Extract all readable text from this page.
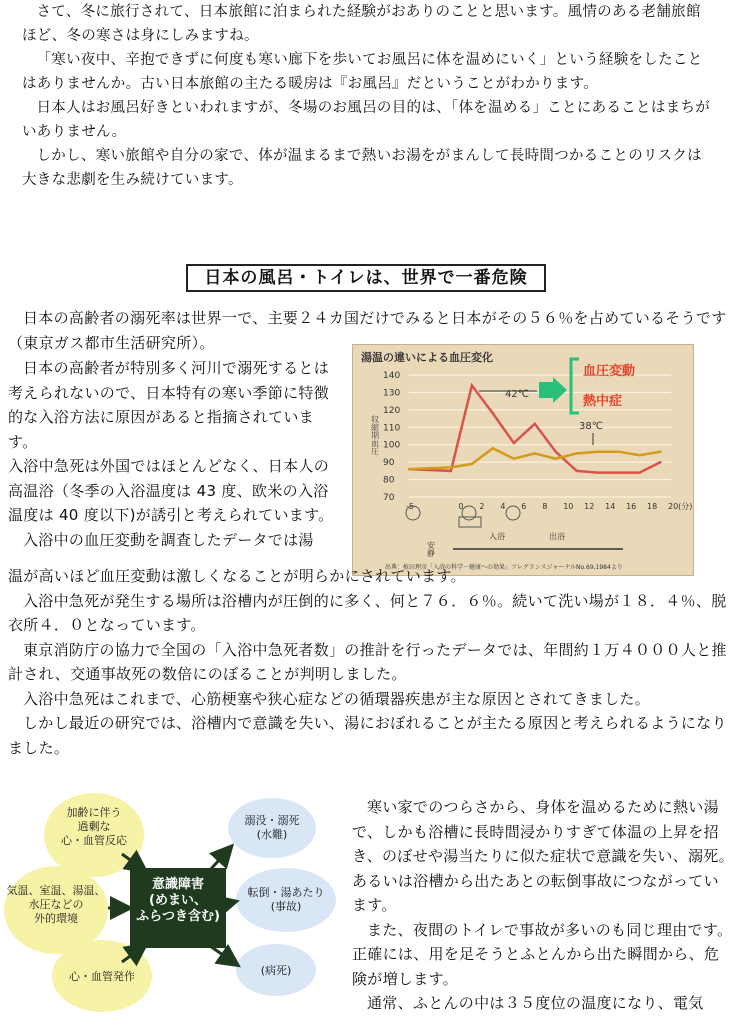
さて、冬に旅行されて、日本旅館に泊まられた経験がおありのことと思います。風情のある老舗旅館ほど、冬の寒さは身にしみますね。

「寒い夜中、辛抱できずに何度も寒い廊下を歩いてお風呂に体を温めにいく」という経験をしたことはありませんか。古い日本旅館の主たる暖房は『お風呂』だということがわかります。

日本人はお風呂好きといわれますが、冬場のお風呂の目的は、「体を温める」ことにあることはまちがいありません。

しかし、寒い旅館や自分の家で、体が温まるまで熱いお湯をがまんして長時間つかることのリスクは大きな悲劇を生み続けています。

日本の風呂・トイレは、世界で一番危険

日本の高齢者の溺死率は世界一で、主要２４カ国だけでみると日本がその５６％を占めているそうです（東京ガス都市生活研究所）。

日本の高齢者が特別多く河川で溺死するとは考えられないので、日本特有の寒い季節に特徴的な入浴方法に原因があると指摘されています。

入浴中急死は外国ではほとんどなく、日本人の高温浴（冬季の入浴温度は 43 度、欧米の入浴温度は 40 度以下)が誘引と考えられています。

入浴中の血圧変動を調査したデータでは湯

湯温の違いによる血圧変化
収縮期血圧
140
130
120
110
100
90
80
70
-5	0 2 4 6 8 10 12 14 16 18 20(分)
42℃
38℃
血圧変動
熱中症
安静
入浴	出浴
出典：植田理彦「入浴の科学－健康への効果」フレグランスジャーナルNo.69,1984より

温が高いほど血圧変動は激しくなることが明らかにされています。

入浴中急死が発生する場所は浴槽内が圧倒的に多く、何と７６．６％。続いて洗い場が１８．４％、脱衣所４．０となっています。

東京消防庁の協力で全国の「入浴中急死者数」の推計を行ったデータでは、年間約１万４０００人と推計され、交通事故死の数倍にのぼることが判明しました。

入浴中急死はこれまで、心筋梗塞や狭心症などの循環器疾患が主な原因とされてきました。

しかし最近の研究では、浴槽内で意識を失い、湯におぼれることが主たる原因と考えられるようになりました。

加齢に伴う過剰な心・血管反応
気温、室温、湯温、水圧などの外的環境
心・血管発作
溺没・溺死(水難)
転倒・湯あたり(事故)
(病死)
意識障害(めまい、ふらつき含む)

寒い家でのつらさから、身体を温めるために熱い湯で、しかも浴槽に長時間浸かりすぎて体温の上昇を招き、のぼせや湯当たりに似た症状で意識を失い、溺死。あるいは浴槽から出たあとの転倒事故につながっています。

また、夜間のトイレで事故が多いのも同じ理由です。正確には、用を足そうとふとんから出た瞬間から、危険が増します。

通常、ふとんの中は３５度位の温度になり、電気
